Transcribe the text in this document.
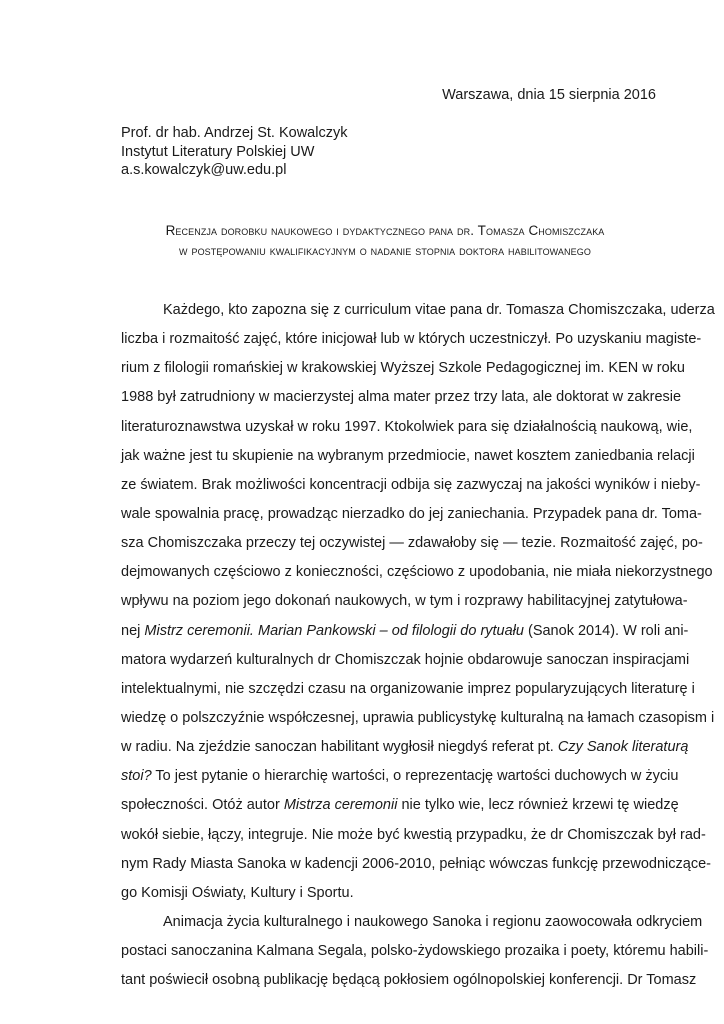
Warszawa, dnia 15 sierpnia 2016
Prof. dr hab. Andrzej St. Kowalczyk
Instytut Literatury Polskiej UW
a.s.kowalczyk@uw.edu.pl
Recenzja dorobku naukowego i dydaktycznego pana dr. Tomasza Chomiszczaka
w postępowaniu kwalifikacyjnym o nadanie stopnia doktora habilitowanego
Każdego, kto zapozna się z curriculum vitae pana dr. Tomasza Chomiszczaka, uderza
liczba i rozmaitość zajęć, które inicjował lub w których uczestniczył. Po uzyskaniu magiste-
rium z filologii romańskiej w krakowskiej Wyższej Szkole Pedagogicznej im. KEN w roku
1988 był zatrudniony w macierzystej alma mater przez trzy lata, ale doktorat w zakresie
literaturoznawstwa uzyskał w roku 1997. Ktokolwiek para się działalnością naukową, wie,
jak ważne jest tu skupienie na wybranym przedmiocie, nawet kosztem zaniedbania relacji
ze światem. Brak możliwości koncentracji odbija się zazwyczaj na jakości wyników i nieby-
wale spowalnia pracę, prowadząc nierzadko do jej zaniechania. Przypadek pana dr. Toma-
sza Chomiszczaka przeczy tej oczywistej — zdawałoby się — tezie. Rozmaitość zajęć, po-
dejmowanych częściowo z konieczności, częściowo z upodobania, nie miała niekorzystnego
wpływu na poziom jego dokonań naukowych, w tym i rozprawy habilitacyjnej zatytułowa-
nej Mistrz ceremonii. Marian Pankowski – od filologii do rytuału (Sanok 2014). W roli ani-
matora wydarzeń kulturalnych dr Chomiszczak hojnie obdarowuje sanoczan inspiracjami
intelektualnymi, nie szczędzi czasu na organizowanie imprez popularyzujących literaturę i
wiedzę o polszczyźnie współczesnej, uprawia publicystykę kulturalną na łamach czasopism i
w radiu. Na zjeździe sanoczan habilitant wygłosił niegdyś referat pt. Czy Sanok literaturą
stoi? To jest pytanie o hierarchię wartości, o reprezentację wartości duchowych w życiu
społeczności. Otóż autor Mistrza ceremonii nie tylko wie, lecz również krzewi tę wiedzę
wokół siebie, łączy, integruje. Nie może być kwestią przypadku, że dr Chomiszczak był rad-
nym Rady Miasta Sanoka w kadencji 2006-2010, pełniąc wówczas funkcję przewodniczące-
go Komisji Oświaty, Kultury i Sportu.
Animacja życia kulturalnego i naukowego Sanoka i regionu zaowocowała odkryciem
postaci sanoczanina Kalmana Segala, polsko-żydowskiego prozaika i poety, któremu habili-
tant poświecił osobną publikację będącą pokłosiem ogólnopolskiej konferencji. Dr Tomasz
